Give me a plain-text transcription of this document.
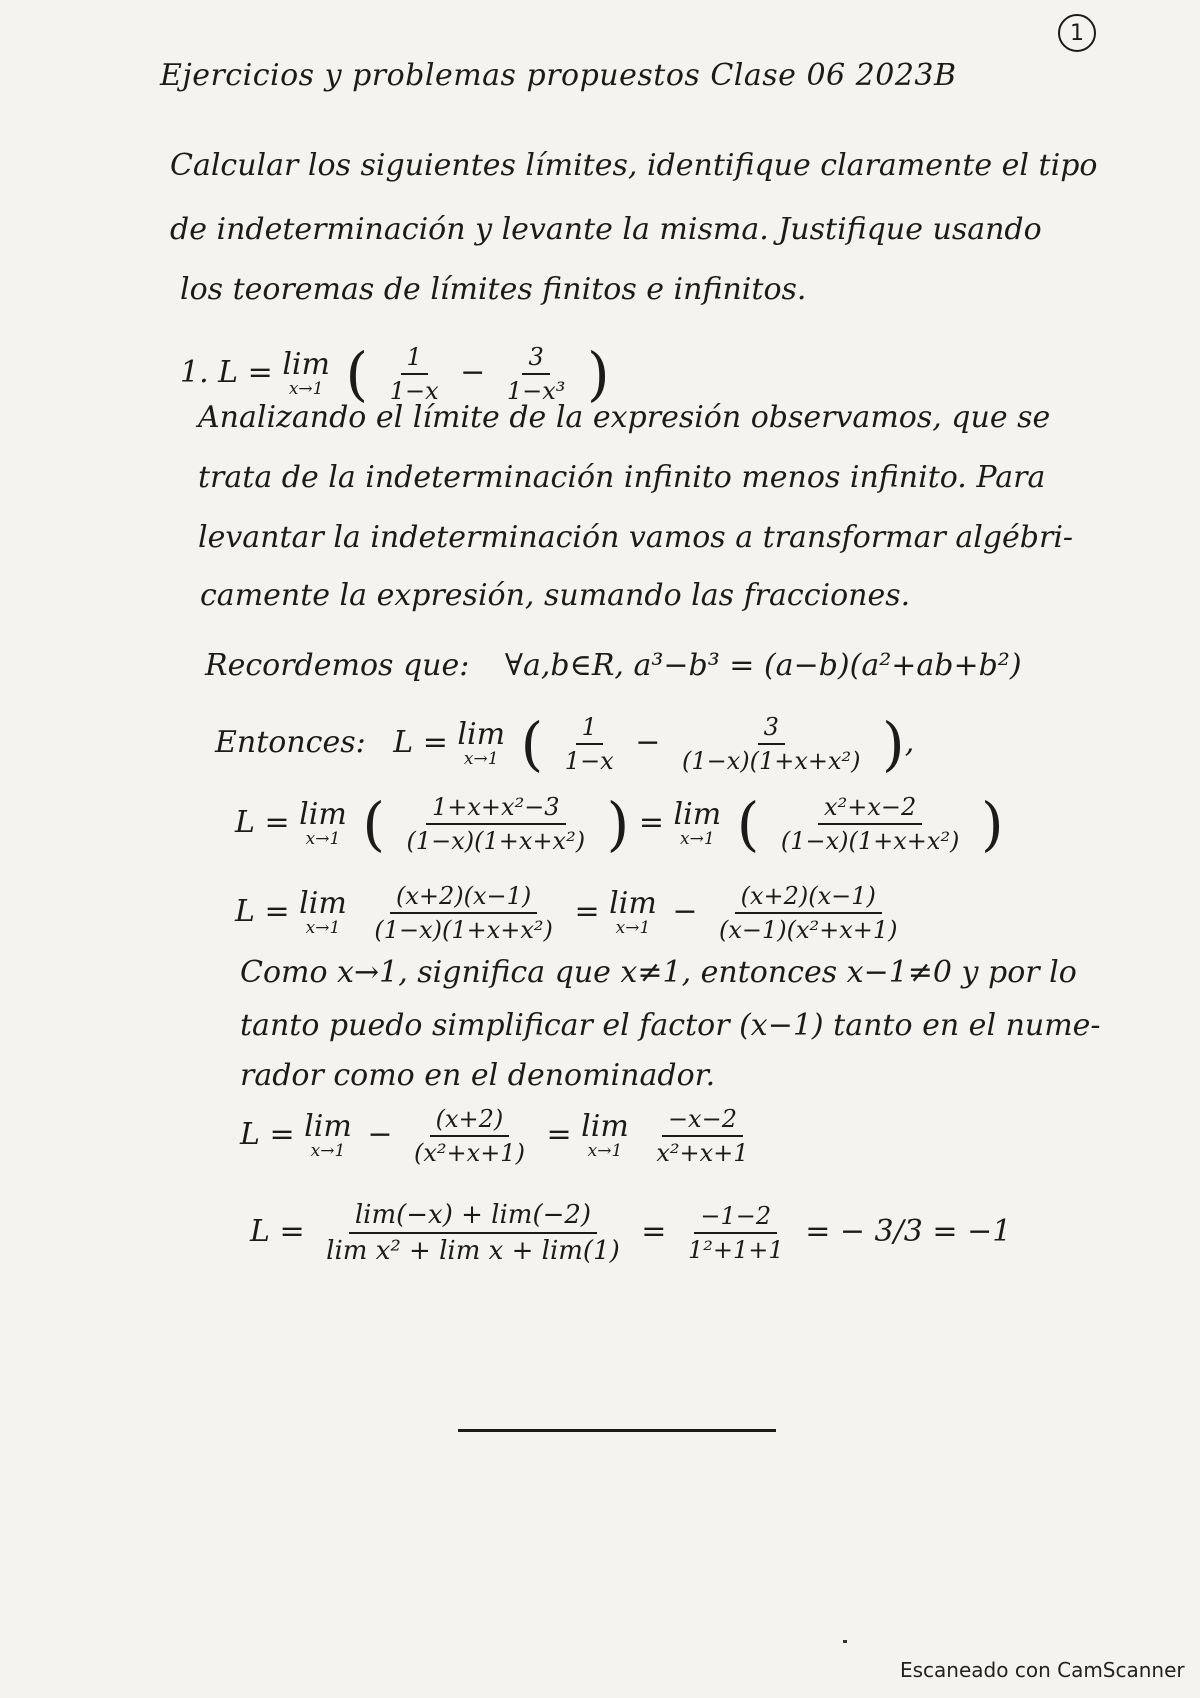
1
Ejercicios y problemas propuestos Clase 06 2023B
Calcular los siguientes límites, identifique claramente el tipo
de indeterminación y levante la misma. Justifique usando
los teoremas de límites finitos e infinitos.
1. L = lim
x→1 ( $\frac{1}{1-x} - \frac{3}{\text{1−x³}}$ )
Analizando el límite de la expresión observamos, que se
trata de la indeterminación infinito menos infinito. Para
levantar la indeterminación vamos a transformar algébri-
camente la expresión, sumando las fracciones.
Recordemos que: ∀a,b∈R, a³−b³ = (a−b)(a²+ab+b²)
Entonces: L = lim
x→1 ( $\frac{1}{1-x} - \frac{3}{\text{(1−x)(1+x+x²)}}$ ),
L = lim
x→1 ( $\frac{\text{1+x+x²−3}}{\text{(1−x)(1+x+x²)}}$ ) = lim
x→1 ( $\frac{\text{x²+x−2}}{\text{(1−x)(1+x+x²)}}$ )
L = lim
x→1
$\frac{(x+2)(x-1)}{\text{(1−x)(1+x+x²)}} = \lim$
$x\to 1 - \frac{(x+2)(x-1)}{\text{(x−1)(x²+x+1)}}$
Como x→1, significa que x≠1, entonces x−1≠0 y por lo
tanto puedo simplificar el factor (x−1) tanto en el nume-
rador como en el denominador.
L = lim
$x\to 1 - \frac{(x+2)}{\text{(x²+x+1)}} = \lim$
x→1
$\frac{-x-2}{\text{x²+x+1}}$
$L = \frac{\lim(-x) + \lim(-2)}{\text{lim x² + lim x + lim(1)}} = \frac{-1-2}{\text{1²+1+1}}$ = − 3/3 = −1
Escaneado con CamScanner
